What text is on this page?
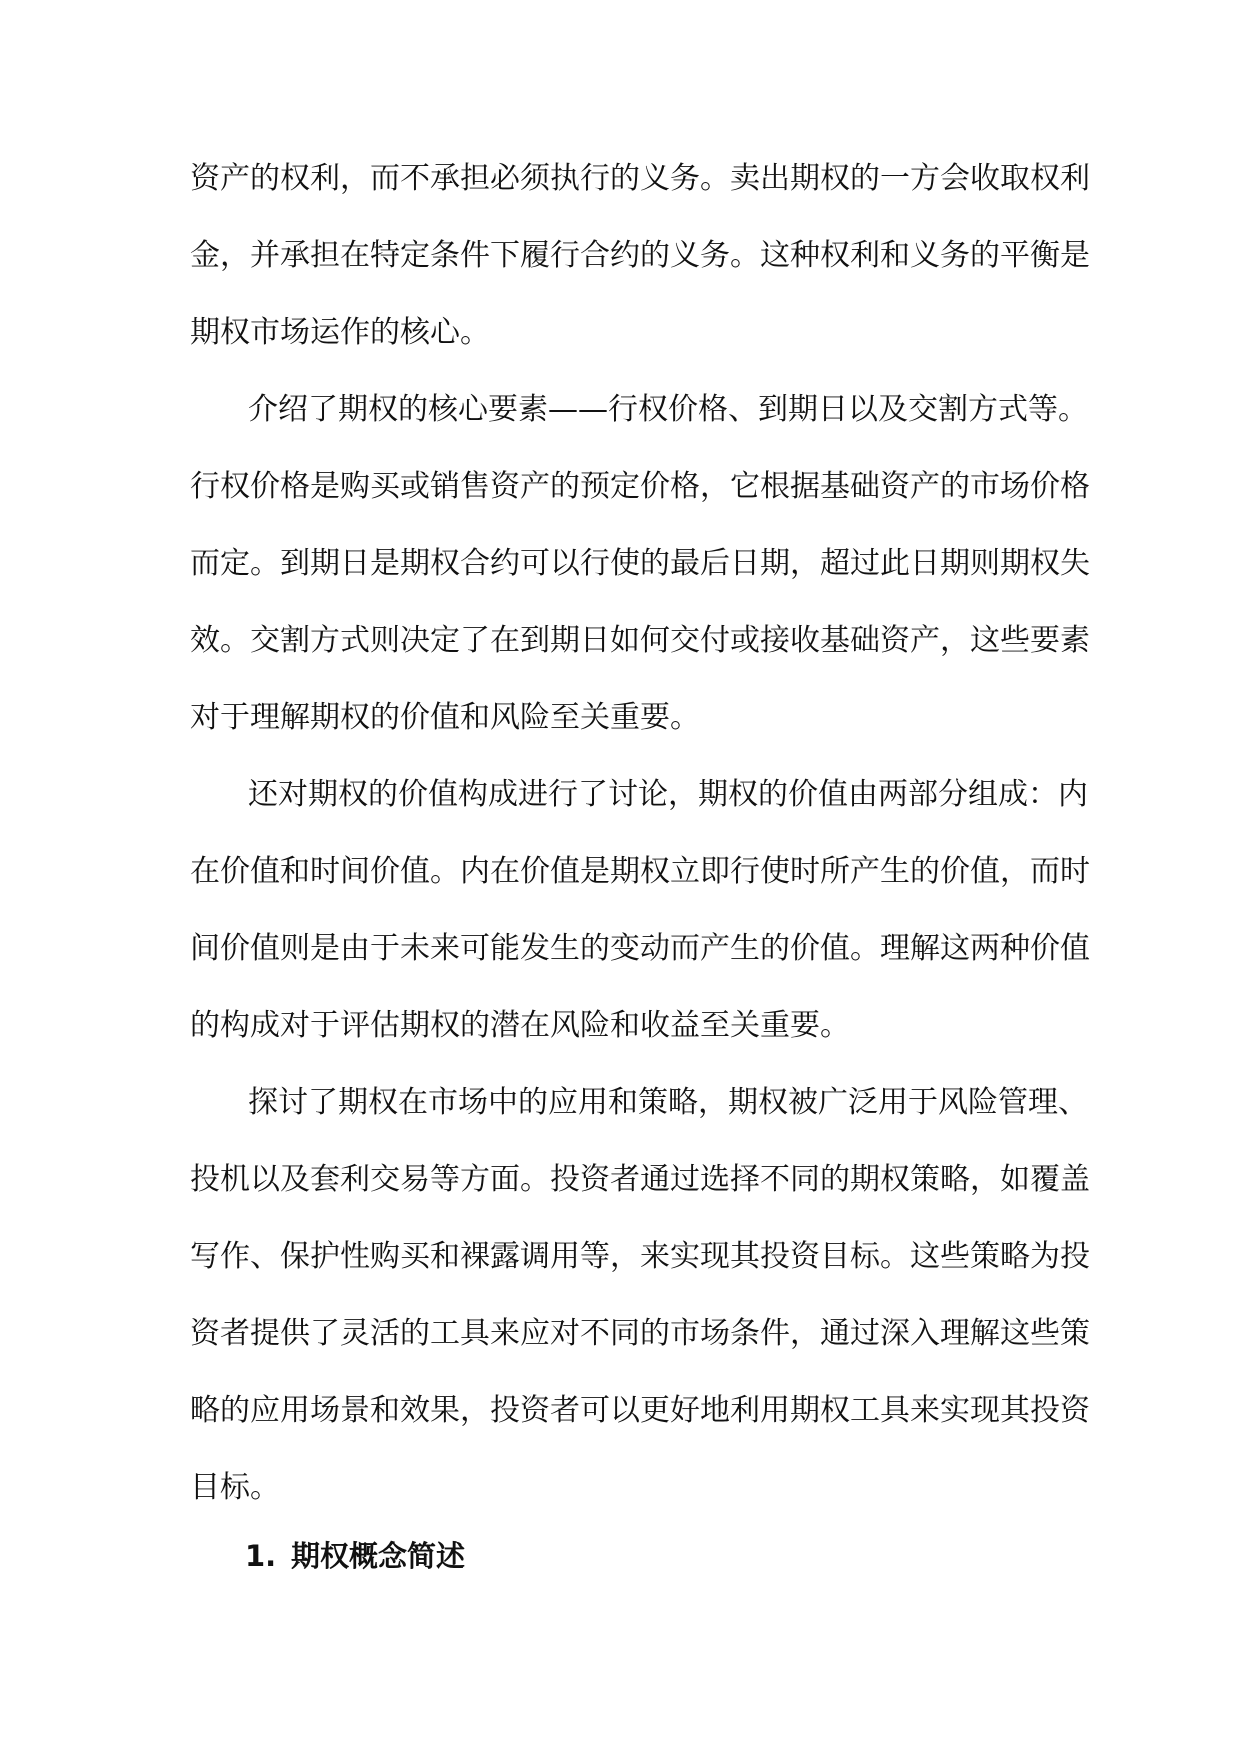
资产的权利，而不承担必须执行的义务。卖出期权的一方会收取权利
金，并承担在特定条件下履行合约的义务。这种权利和义务的平衡是
期权市场运作的核心。
介绍了期权的核心要素——行权价格、到期日以及交割方式等。
行权价格是购买或销售资产的预定价格，它根据基础资产的市场价格
而定。到期日是期权合约可以行使的最后日期，超过此日期则期权失
效。交割方式则决定了在到期日如何交付或接收基础资产，这些要素
对于理解期权的价值和风险至关重要。
还对期权的价值构成进行了讨论，期权的价值由两部分组成：内
在价值和时间价值。内在价值是期权立即行使时所产生的价值，而时
间价值则是由于未来可能发生的变动而产生的价值。理解这两种价值
的构成对于评估期权的潜在风险和收益至关重要。
探讨了期权在市场中的应用和策略，期权被广泛用于风险管理、
投机以及套利交易等方面。投资者通过选择不同的期权策略，如覆盖
写作、保护性购买和裸露调用等，来实现其投资目标。这些策略为投
资者提供了灵活的工具来应对不同的市场条件，通过深入理解这些策
略的应用场景和效果，投资者可以更好地利用期权工具来实现其投资
目标。
1. 期权概念简述
